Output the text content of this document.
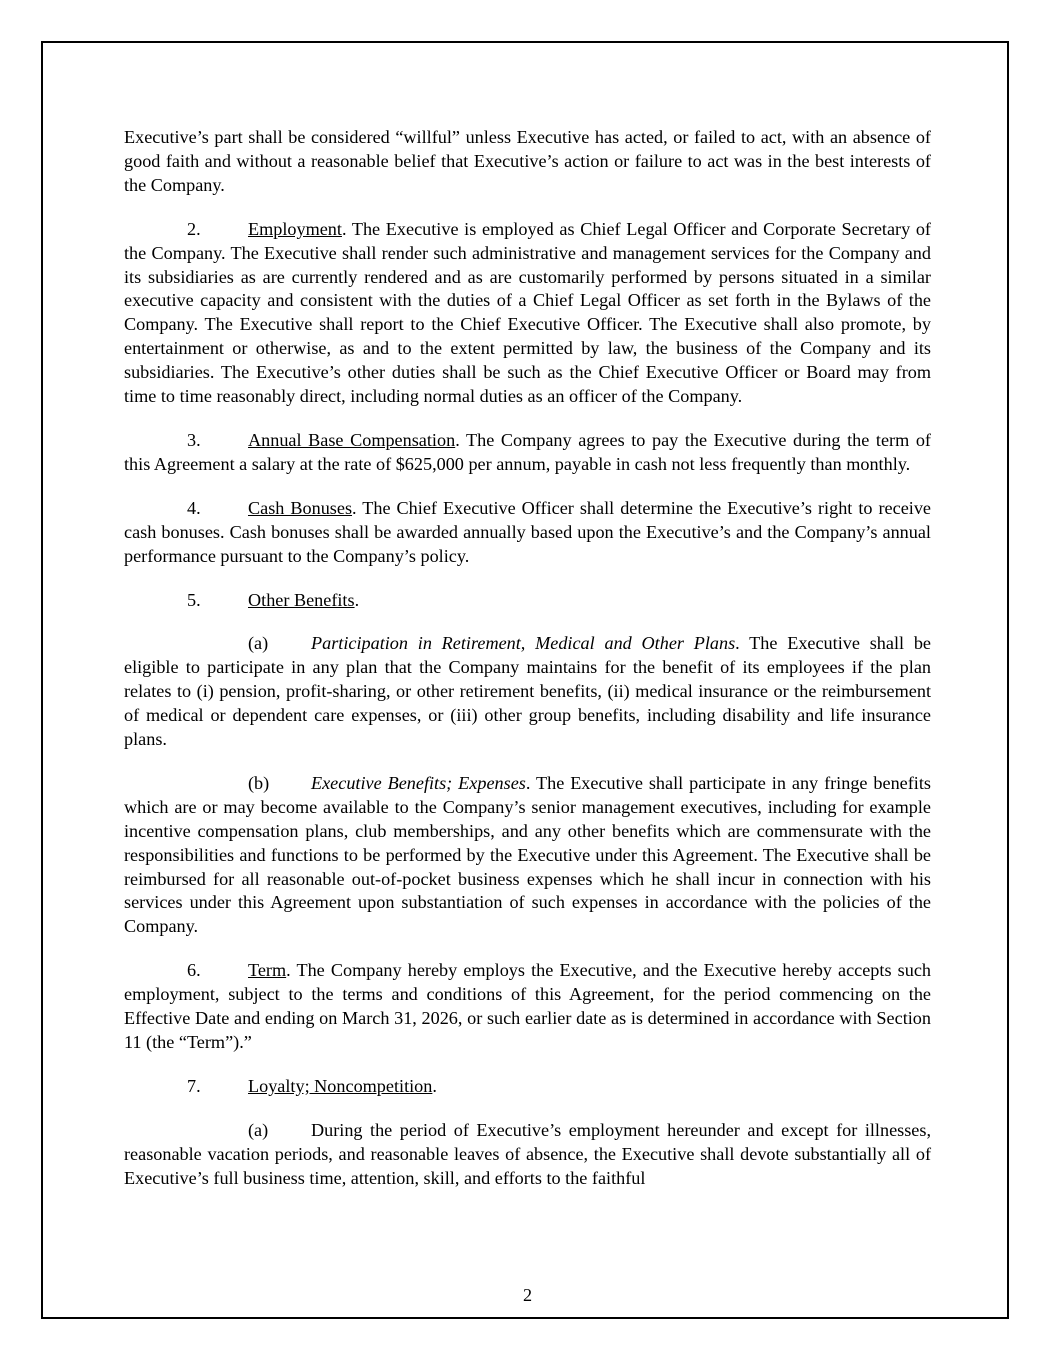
Executive’s part shall be considered “willful” unless Executive has acted, or failed to act, with an absence of good faith and without a reasonable belief that Executive’s action or failure to act was in the best interests of the Company.

2.	Employment. The Executive is employed as Chief Legal Officer and Corporate Secretary of the Company. The Executive shall render such administrative and management services for the Company and its subsidiaries as are currently rendered and as are customarily performed by persons situated in a similar executive capacity and consistent with the duties of a Chief Legal Officer as set forth in the Bylaws of the Company. The Executive shall report to the Chief Executive Officer. The Executive shall also promote, by entertainment or otherwise, as and to the extent permitted by law, the business of the Company and its subsidiaries. The Executive’s other duties shall be such as the Chief Executive Officer or Board may from time to time reasonably direct, including normal duties as an officer of the Company.

3.	Annual Base Compensation. The Company agrees to pay the Executive during the term of this Agreement a salary at the rate of $625,000 per annum, payable in cash not less frequently than monthly.

4.	Cash Bonuses. The Chief Executive Officer shall determine the Executive’s right to receive cash bonuses. Cash bonuses shall be awarded annually based upon the Executive’s and the Company’s annual performance pursuant to the Company’s policy.

5.	Other Benefits.

(a) Participation in Retirement, Medical and Other Plans. The Executive shall be eligible to participate in any plan that the Company maintains for the benefit of its employees if the plan relates to (i) pension, profit-sharing, or other retirement benefits, (ii) medical insurance or the reimbursement of medical or dependent care expenses, or (iii) other group benefits, including disability and life insurance plans.

(b) Executive Benefits; Expenses. The Executive shall participate in any fringe benefits which are or may become available to the Company’s senior management executives, including for example incentive compensation plans, club memberships, and any other benefits which are commensurate with the responsibilities and functions to be performed by the Executive under this Agreement. The Executive shall be reimbursed for all reasonable out-of-pocket business expenses which he shall incur in connection with his services under this Agreement upon substantiation of such expenses in accordance with the policies of the Company.

6.	Term. The Company hereby employs the Executive, and the Executive hereby accepts such employment, subject to the terms and conditions of this Agreement, for the period commencing on the Effective Date and ending on March 31, 2026, or such earlier date as is determined in accordance with Section 11 (the “Term”).”

7.	Loyalty; Noncompetition.

(a) During the period of Executive’s employment hereunder and except for illnesses, reasonable vacation periods, and reasonable leaves of absence, the Executive shall devote substantially all of Executive’s full business time, attention, skill, and efforts to the faithful

2
